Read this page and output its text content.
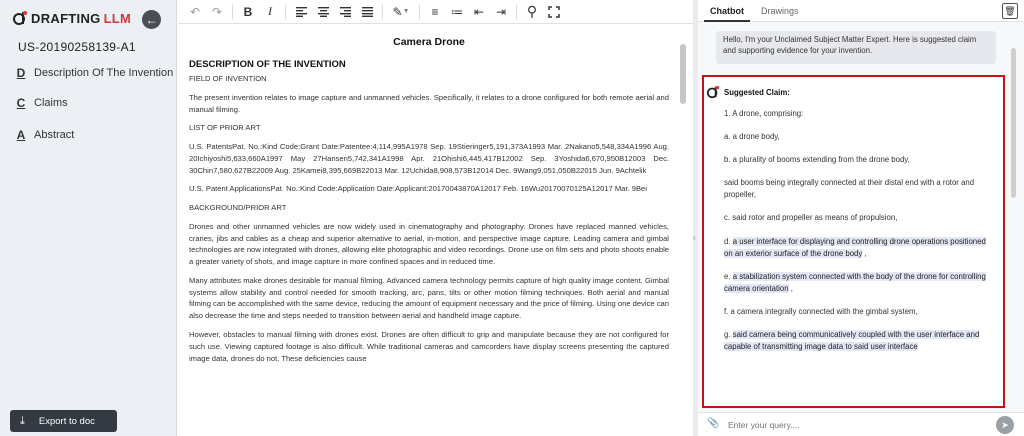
DRAFTING LLM ←
US-20190258139-A1
D Description Of The Invention
C Claims
A Abstract
⤓ Export to doc
↶ ↷	B	I	✎ ▼	≡	≔ ⇤ ⇥	⚲
Camera Drone
DESCRIPTION OF THE INVENTION
FIELD OF INVENTION

The present invention relates to image capture and unmanned vehicles. Specifically, it relates to a drone configured for both remote aerial and manual filming.

LIST OF PRIOR ART

U.S. PatentsPat. No.:Kind Code:Grant Date:Patentee:4,114,995A1978 Sep. 19Stieringer5,191,373A1993 Mar. 2Nakano5,548,334A1996 Aug. 20Ichiyoshi5,633,660A1997 May 27Hansen5,742,341A1998 Apr. 21Ohishi6,445,417B12002 Sep. 3Yoshida6,670,950B12003 Dec. 30Chin7,580,627B22009 Aug. 25Kamei8,395,669B22013 Mar. 12Uchida8,908,573B12014 Dec. 9Wang9,051,050B22015 Jun. 9Achtelik

U.S. Patent ApplicationsPat. No.:Kind Code:Application Date:Applicant:20170043870A12017 Feb. 16Wu20170070125A12017 Mar. 9Bei

BACKGROUND/PRIOR ART

Drones and other unmanned vehicles are now widely used in cinematography and photography. Drones have replaced manned vehicles, cranes, jibs and cables as a cheap and superior alternative to aerial, in-motion, and perspective image capture. Leading camera and gimbal technologies are now integrated with drones, allowing elite photographic and video recordings. Drone use on film sets and photo shoots enable a greater variety of shots, and image capture in more confined spaces and in reduced time.

Many attributes make drones desirable for manual filming. Advanced camera technology permits capture of high quality image content. Gimbal systems allow stability and control needed for smooth tracking, arc, pans, tilts or other motion filming techniques. Both aerial and manual filming can be accomplished with the same device, reducing the amount of equipment necessary and the price of filming. Using one device can also decrease the time and steps needed to transition between aerial and handheld image capture.

However, obstacles to manual filming with drones exist. Drones are often difficult to grip and manipulate because they are not configured for such use. Viewing captured footage is also difficult. While traditional cameras and camcorders have display screens presenting the captured image data, drones do not. These deficiencies cause

‹
Chatbot Drawings	🗑
Hello, I'm your Unclaimed Subject Matter Expert. Here is suggested claim and supporting evidence for your invention.
Suggested Claim:
1. A drone, comprising:
a. a drone body,
b. a plurality of booms extending from the drone body,
said booms being integrally connected at their distal end with a rotor and propeller,
c. said rotor and propeller as means of propulsion,
d. a user interface for displaying and controlling drone operations positioned on an exterior surface of the drone body ,
e. a stabilization system connected with the body of the drone for controlling camera orientation ,
f. a camera integrally connected with the gimbal system,
g. said camera being communicatively coupled with the user interface and capable of transmitting image data to said user interface
📎
Enter your query....	➤
